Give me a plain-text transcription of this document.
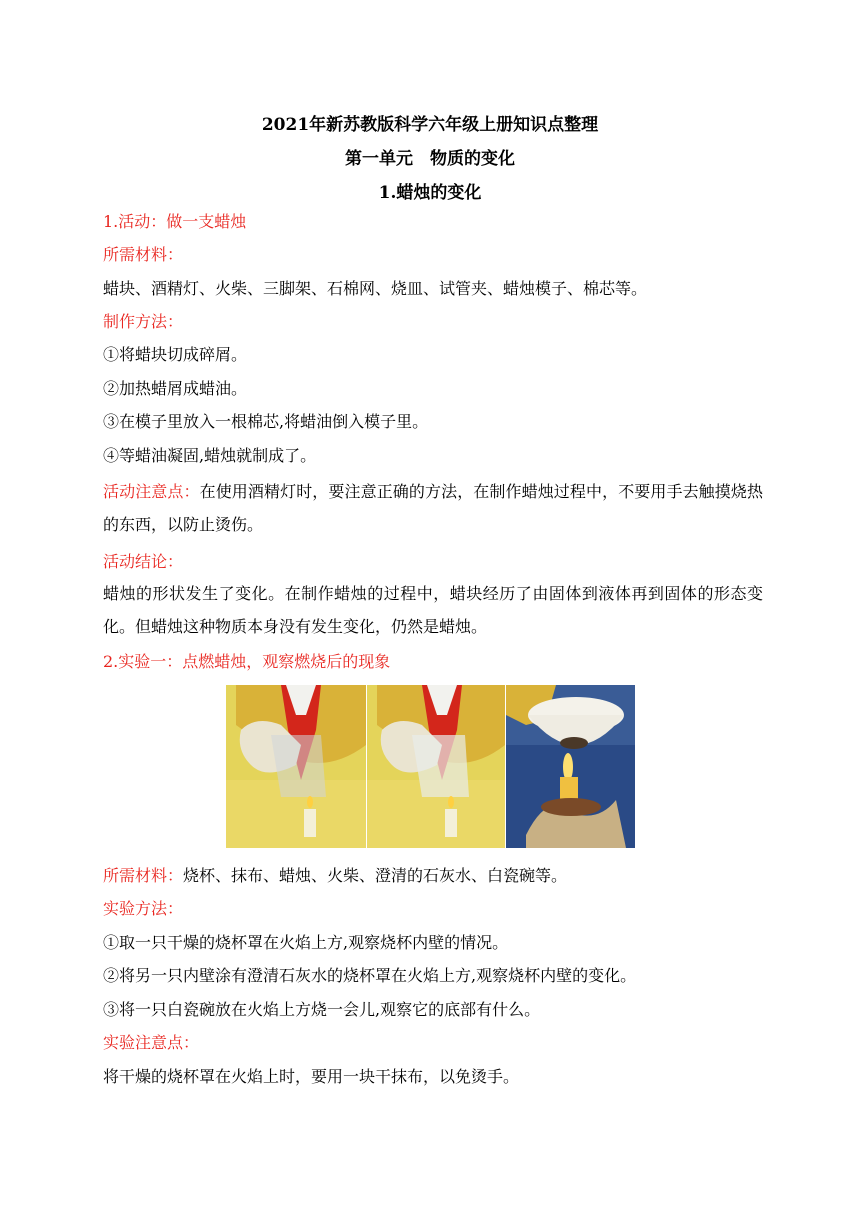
2021年新苏教版科学六年级上册知识点整理
第一单元　物质的变化
1.蜡烛的变化
1.活动：做一支蜡烛
所需材料：
蜡块、酒精灯、火柴、三脚架、石棉网、烧皿、试管夹、蜡烛模子、棉芯等。
制作方法：
①将蜡块切成碎屑。
②加热蜡屑成蜡油。
③在模子里放入一根棉芯,将蜡油倒入模子里。
④等蜡油凝固,蜡烛就制成了。
活动注意点：在使用酒精灯时，要注意正确的方法，在制作蜡烛过程中，不要用手去触摸烧热的东西，以防止烫伤。
活动结论：
蜡烛的形状发生了变化。在制作蜡烛的过程中，蜡块经历了由固体到液体再到固体的形态变化。但蜡烛这种物质本身没有发生变化，仍然是蜡烛。
2.实验一：点燃蜡烛，观察燃烧后的现象
所需材料：烧杯、抹布、蜡烛、火柴、澄清的石灰水、白瓷碗等。
实验方法：
①取一只干燥的烧杯罩在火焰上方,观察烧杯内壁的情况。
②将另一只内壁涂有澄清石灰水的烧杯罩在火焰上方,观察烧杯内壁的变化。
③将一只白瓷碗放在火焰上方烧一会儿,观察它的底部有什么。
实验注意点：
将干燥的烧杯罩在火焰上时，要用一块干抹布，以免烫手。
